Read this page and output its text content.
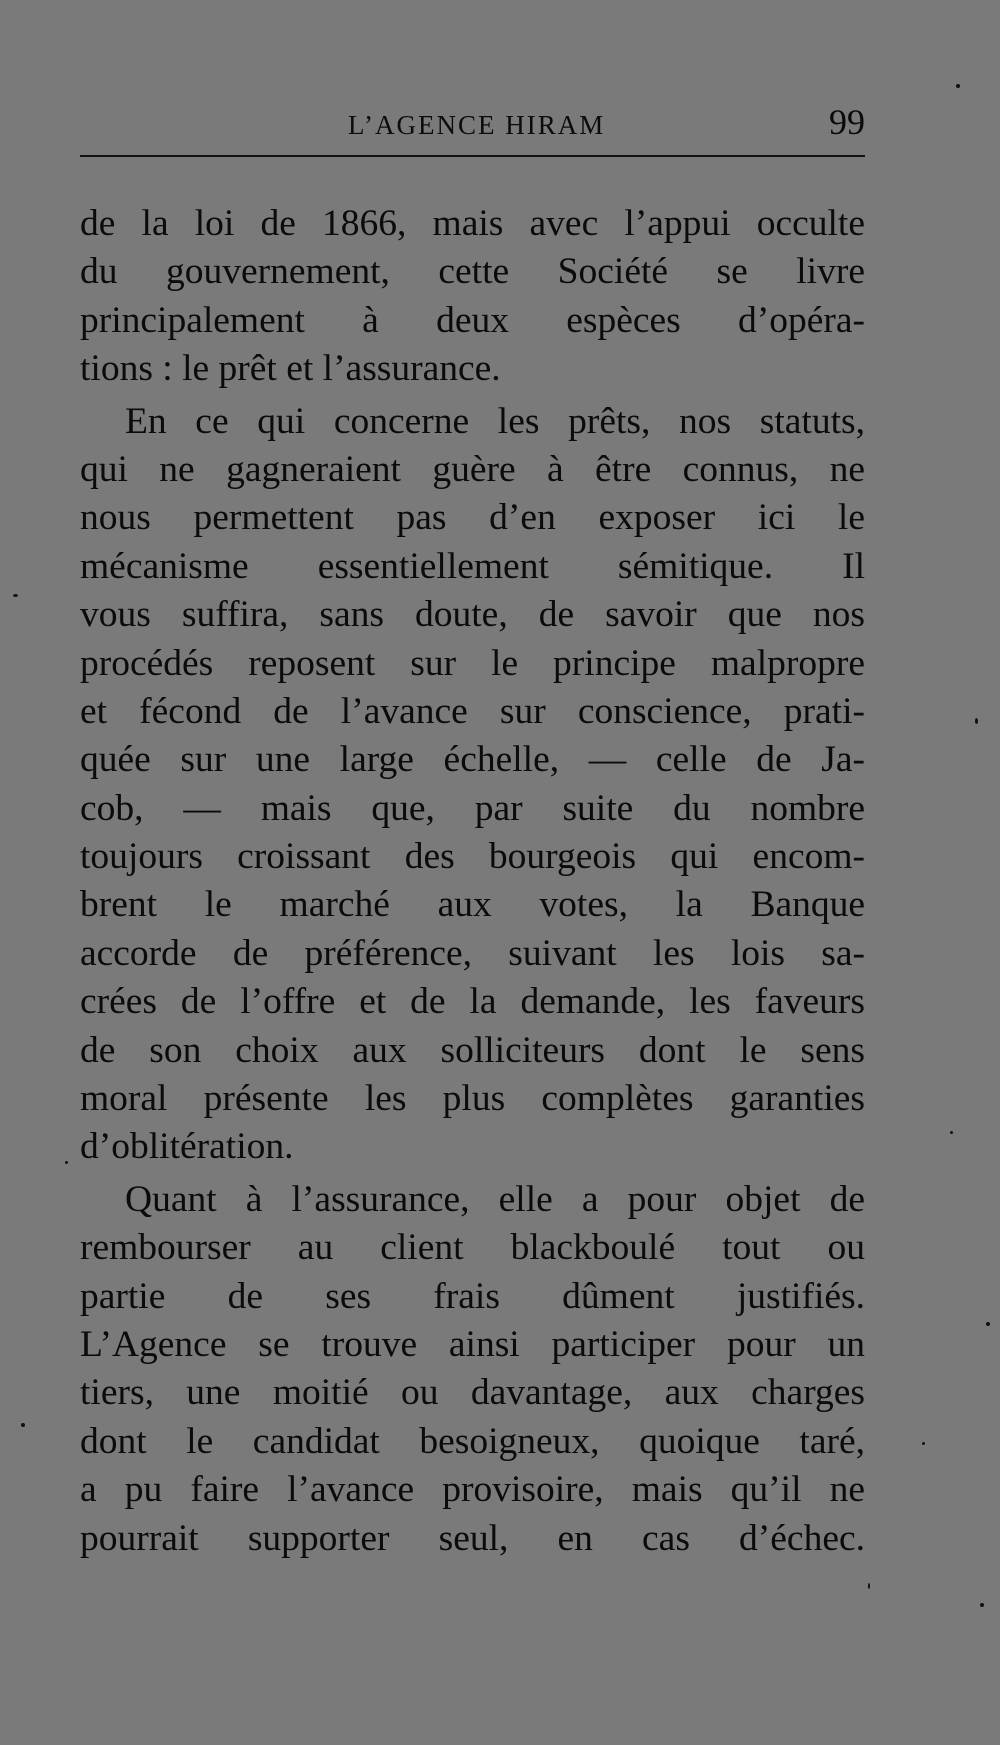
L’AGENCE HIRAM	99
de la loi de 1866, mais avec l’appui occulte
du gouvernement, cette Société se livre
principalement à deux espèces d’opéra-
tions : le prêt et l’assurance.
En ce qui concerne les prêts, nos statuts,
qui ne gagneraient guère à être connus, ne
nous permettent pas d’en exposer ici le
mécanisme essentiellement sémitique. Il
vous suffira, sans doute, de savoir que nos
procédés reposent sur le principe malpropre
et fécond de l’avance sur conscience, prati-
quée sur une large échelle, — celle de Ja-
cob, — mais que, par suite du nombre
toujours croissant des bourgeois qui encom-
brent le marché aux votes, la Banque
accorde de préférence, suivant les lois sa-
crées de l’offre et de la demande, les faveurs
de son choix aux solliciteurs dont le sens
moral présente les plus complètes garanties
d’oblitération.
Quant à l’assurance, elle a pour objet de
rembourser au client blackboulé tout ou
partie de ses frais dûment justifiés.
L’Agence se trouve ainsi participer pour un
tiers, une moitié ou davantage, aux charges
dont le candidat besoigneux, quoique taré,
a pu faire l’avance provisoire, mais qu’il ne
pourrait supporter seul, en cas d’échec.
